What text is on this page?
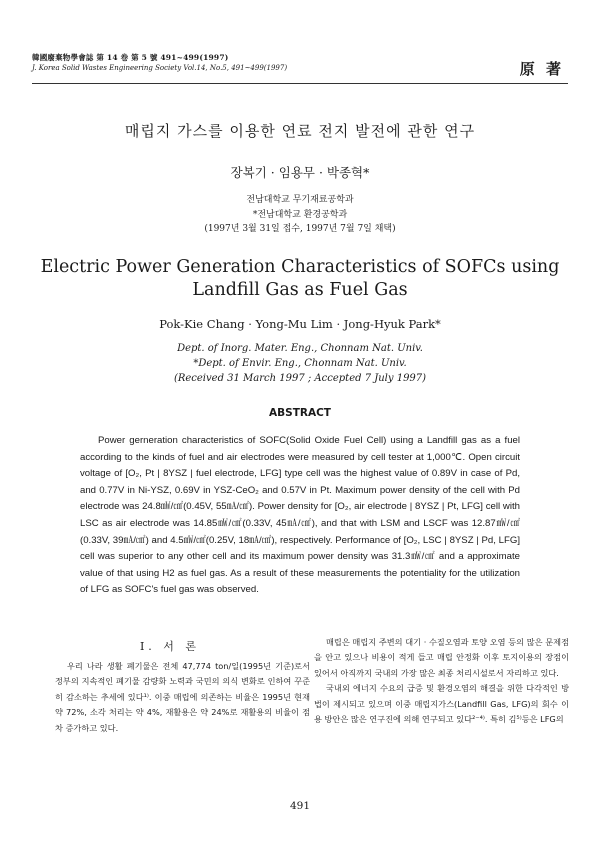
韓國廢棄物學會誌 第 14 卷 第 5 號 491~499(1997)
J. Korea Solid Wastes Engineering Society Vol.14, No.5, 491~499(1997)	原 著
매립지 가스를 이용한 연료 전지 발전에 관한 연구
장복기 · 임용무 · 박종혁*
전남대학교 무기재료공학과
*전남대학교 환경공학과
(1997년 3월 31일 접수, 1997년 7월 7일 채택)
Electric Power Generation Characteristics of SOFCs using
Landfill Gas as Fuel Gas
Pok-Kie Chang · Yong-Mu Lim · Jong-Hyuk Park*
Dept. of Inorg. Mater. Eng., Chonnam Nat. Univ.
*Dept. of Envir. Eng., Chonnam Nat. Univ.
(Received 31 March 1997 ; Accepted 7 July 1997)
ABSTRACT

Power gerneration characteristics of SOFC(Solid Oxide Fuel Cell) using a Landfill gas as a fuel according to the kinds of fuel and air electrodes were measured by cell tester at 1,000℃. Open circuit voltage of [O₂, Pt | 8YSZ | fuel electrode, LFG] type cell was the highest value of 0.89V in case of Pd, and 0.77V in Ni-YSZ, 0.69V in YSZ-CeO₂ and 0.57V in Pt. Maximum power density of the cell with Pd electrode was 24.8㎽/㎠(0.45V, 55㎃/㎠). Power density for [O₂, air electrode | 8YSZ | Pt, LFG] cell with LSC as air electrode was 14.85㎽/㎠(0.33V, 45㎃/㎠), and that with LSM and LSCF was 12.87㎽/㎠(0.33V, 39㎃/㎠) and 4.5㎽/㎠(0.25V, 18㎃/㎠), respectively. Performance of [O₂, LSC | 8YSZ | Pd, LFG] cell was superior to any other cell and its maximum power density was 31.3㎽/㎠ and a approximate value of that using H2 as fuel gas. As a result of these measurements the potentiality for the utilization of LFG as SOFC's fuel gas was observed.

Ⅰ. 서 론

우리 나라 생활 폐기물은 전체 47,774 ton/일(1995년 기준)로서 정부의 지속적인 폐기물 감량화 노력과 국민의 의식 변화로 인하여 꾸준히 감소하는 추세에 있다¹⁾. 이중 매립에 의존하는 비율은 1995년 현재 약 72%, 소각 처리는 약 4%, 재활용은 약 24%로 재활용의 비율이 점차 증가하고 있다.

매립은 매립지 주변의 대기 · 수질오염과 토양 오염 등의 많은 문제점을 안고 있으나 비용이 적게 들고 매립 안정화 이후 토지이용의 장점이 있어서 아직까지 국내의 가장 많은 최종 처리시설로서 자리하고 있다.

국내외 에너지 수요의 급증 및 환경오염의 해결을 위한 다각적인 방법이 제시되고 있으며 이중 매립지가스(Landfill Gas, LFG)의 회수 이용 방안은 많은 연구진에 의해 연구되고 있다²⁻⁴⁾. 특히 김⁵⁾등은 LFG의

491
